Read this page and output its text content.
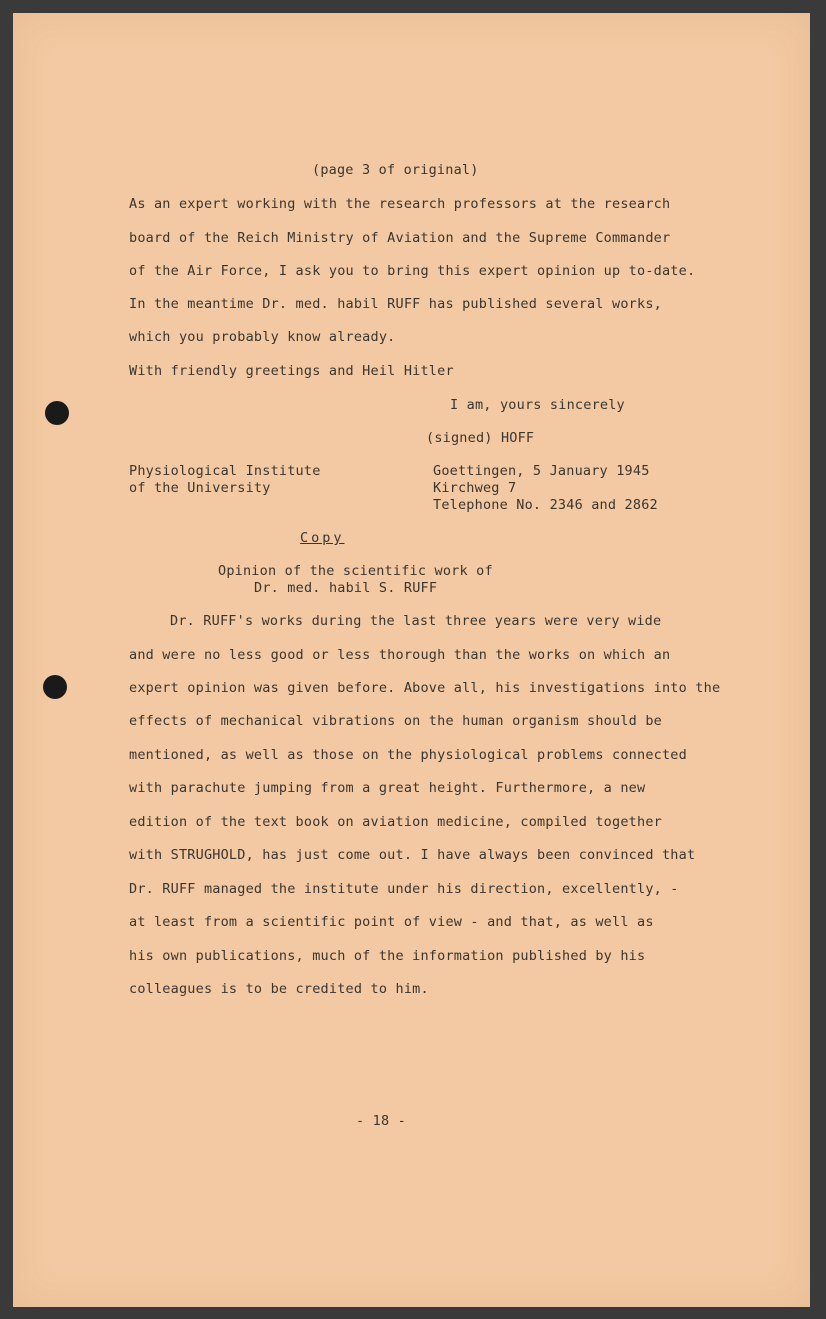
(page 3 of original)
As an expert working with the research professors at the research
board of the Reich Ministry of Aviation and the Supreme Commander
of the Air Force, I ask you to bring this expert opinion up to-date.
In the meantime Dr. med. habil RUFF has published several works,
which you probably know already.
With friendly greetings and Heil Hitler
I am, yours sincerely
(signed) HOFF
Physiological Institute
of the University
Goettingen, 5 January 1945
Kirchweg 7
Telephone No. 2346 and 2862
Copy
Opinion of the scientific work of
Dr. med. habil S. RUFF
Dr. RUFF's works during the last three years were very wide
and were no less good or less thorough than the works on which an
expert opinion was given before. Above all, his investigations into the
effects of mechanical vibrations on the human organism should be
mentioned, as well as those on the physiological problems connected
with parachute jumping from a great height. Furthermore, a new
edition of the text book on aviation medicine, compiled together
with STRUGHOLD, has just come out. I have always been convinced that
Dr. RUFF managed the institute under his direction, excellently, -
at least from a scientific point of view - and that, as well as
his own publications, much of the information published by his
colleagues is to be credited to him.
- 18 -
